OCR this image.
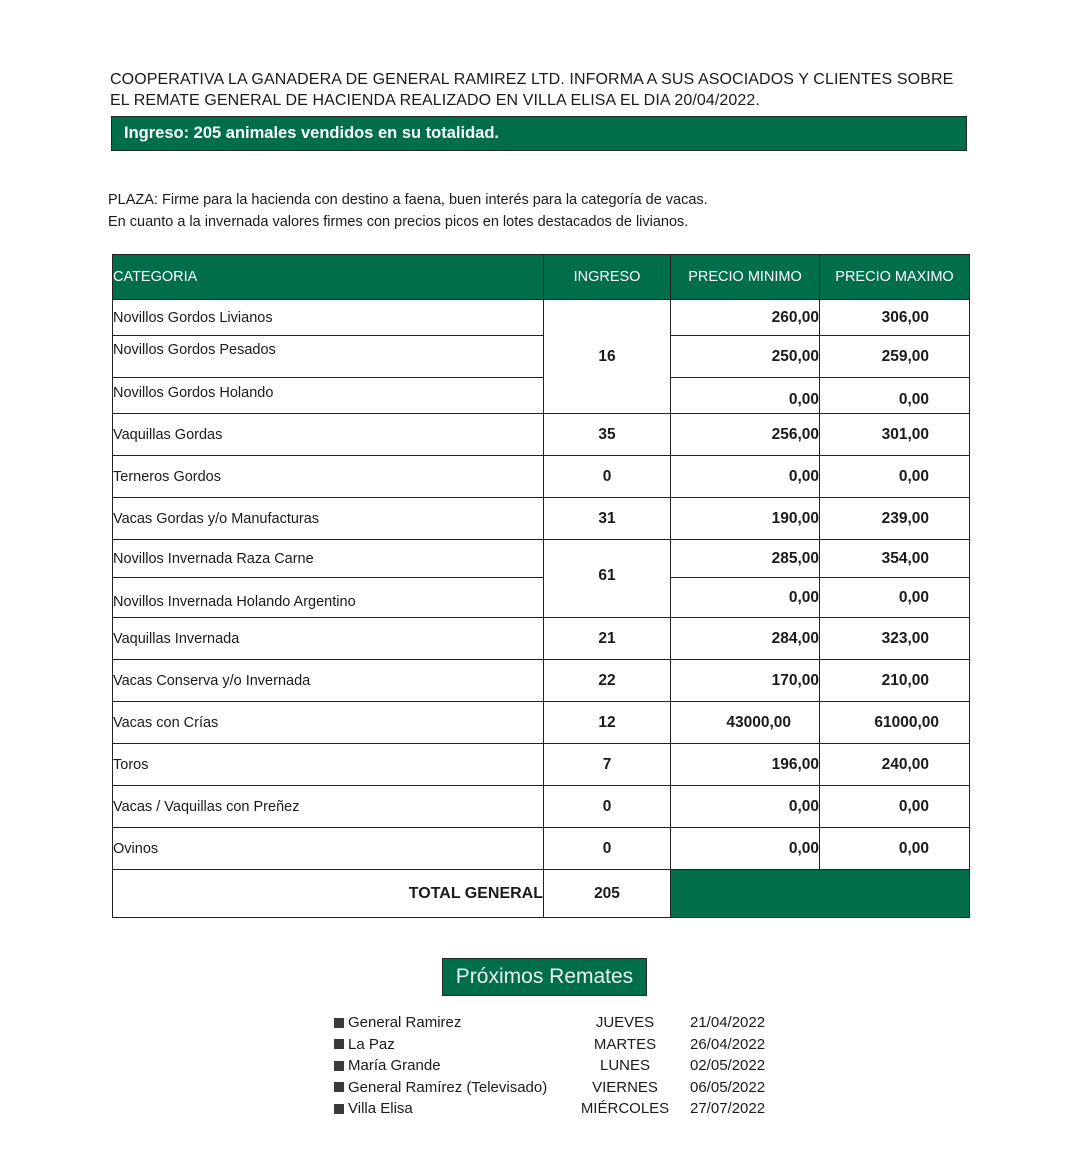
COOPERATIVA LA GANADERA DE GENERAL RAMIREZ LTD. INFORMA A SUS ASOCIADOS Y CLIENTES SOBRE
EL REMATE GENERAL DE HACIENDA REALIZADO EN VILLA ELISA EL DIA 20/04/2022.
Ingreso: 205 animales vendidos en su totalidad.
PLAZA: Firme para la hacienda con destino a faena, buen interés para la categoría de vacas.
En cuanto a la invernada valores firmes con precios picos en lotes destacados de livianos.
CATEGORIA	INGRESO	PRECIO MINIMO	PRECIO MAXIMO
Novillos Gordos Livianos	16	260,00	306,00
Novillos Gordos Pesados		250,00	259,00
Novillos Gordos Holando		0,00	0,00
Vaquillas Gordas	35	256,00	301,00
Terneros Gordos	0	0,00	0,00
Vacas Gordas y/o Manufacturas	31	190,00	239,00
Novillos Invernada Raza Carne	61	285,00	354,00
Novillos Invernada Holando Argentino		0,00	0,00
Vaquillas Invernada	21	284,00	323,00
Vacas Conserva y/o Invernada	22	170,00	210,00
Vacas con Crías	12	43000,00	61000,00
Toros	7	196,00	240,00
Vacas / Vaquillas con Preñez	0	0,00	0,00
Ovinos	0	0,00	0,00
TOTAL GENERAL	205		
Próximos Remates
General Ramirez	JUEVES	21/04/2022
La Paz	MARTES	26/04/2022
María Grande	LUNES	02/05/2022
General Ramírez (Televisado)	VIERNES	06/05/2022
Villa Elisa	MIÉRCOLES	27/07/2022
